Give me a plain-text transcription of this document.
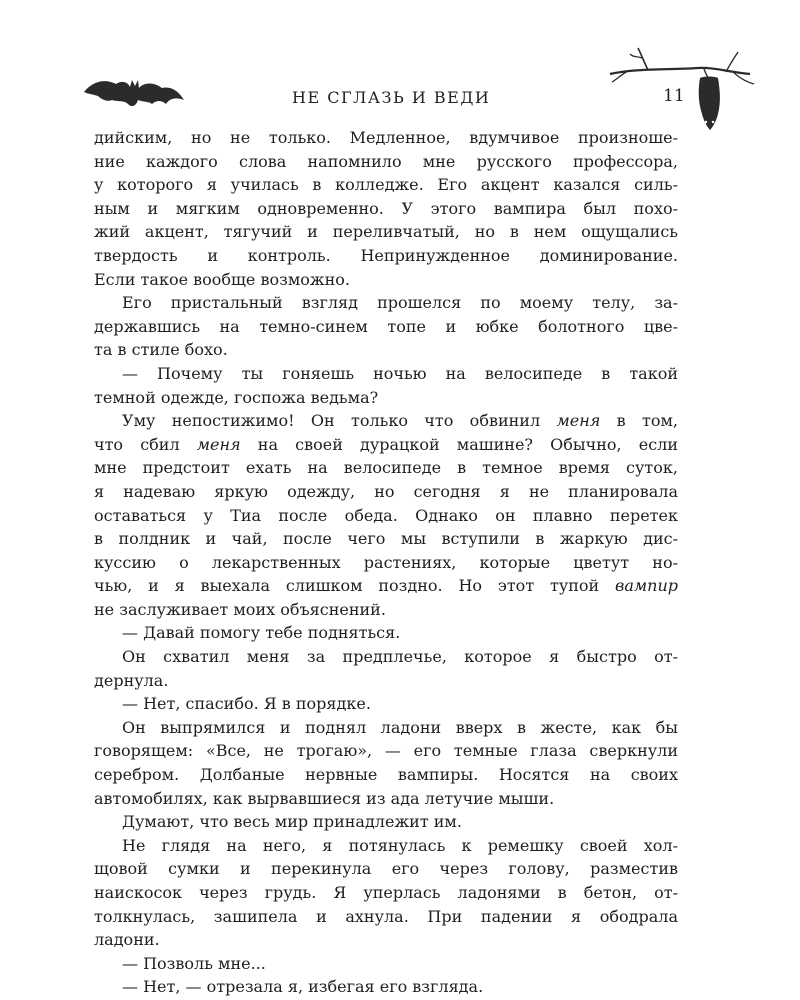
НЕ СГЛАЗЬ И ВЕДИ	11
дийским, но не только. Медленное, вдумчивое произноше-
ние каждого слова напомнило мне русского профессора,
у которого я училась в колледже. Его акцент казался силь-
ным и мягким одновременно. У этого вампира был похо-
жий акцент, тягучий и переливчатый, но в нем ощущались
твердость и контроль. Непринужденное доминирование.
Если такое вообще возможно.
Его пристальный взгляд прошелся по моему телу, за-
державшись на темно-синем топе и юбке болотного цве-
та в стиле бохо.
— Почему ты гоняешь ночью на велосипеде в такой
темной одежде, госпожа ведьма?
Уму непостижимо! Он только что обвинил меня в том,
что сбил меня на своей дурацкой машине? Обычно, если
мне предстоит ехать на велосипеде в темное время суток,
я надеваю яркую одежду, но сегодня я не планировала
оставаться у Тиа после обеда. Однако он плавно перетек
в полдник и чай, после чего мы вступили в жаркую дис-
куссию о лекарственных растениях, которые цветут но-
чью, и я выехала слишком поздно. Но этот тупой вампир
не заслуживает моих объяснений.
— Давай помогу тебе подняться.
Он схватил меня за предплечье, которое я быстро от-
дернула.
— Нет, спасибо. Я в порядке.
Он выпрямился и поднял ладони вверх в жесте, как бы
говорящем: «Все, не трогаю», — его темные глаза сверкнули
серебром. Долбаные нервные вампиры. Носятся на своих
автомобилях, как вырвавшиеся из ада летучие мыши.
Думают, что весь мир принадлежит им.
Не глядя на него, я потянулась к ремешку своей хол-
щовой сумки и перекинула его через голову, разместив
наискосок через грудь. Я уперлась ладонями в бетон, от-
толкнулась, зашипела и ахнула. При падении я ободрала
ладони.
— Позволь мне...
— Нет, — отрезала я, избегая его взгляда.
